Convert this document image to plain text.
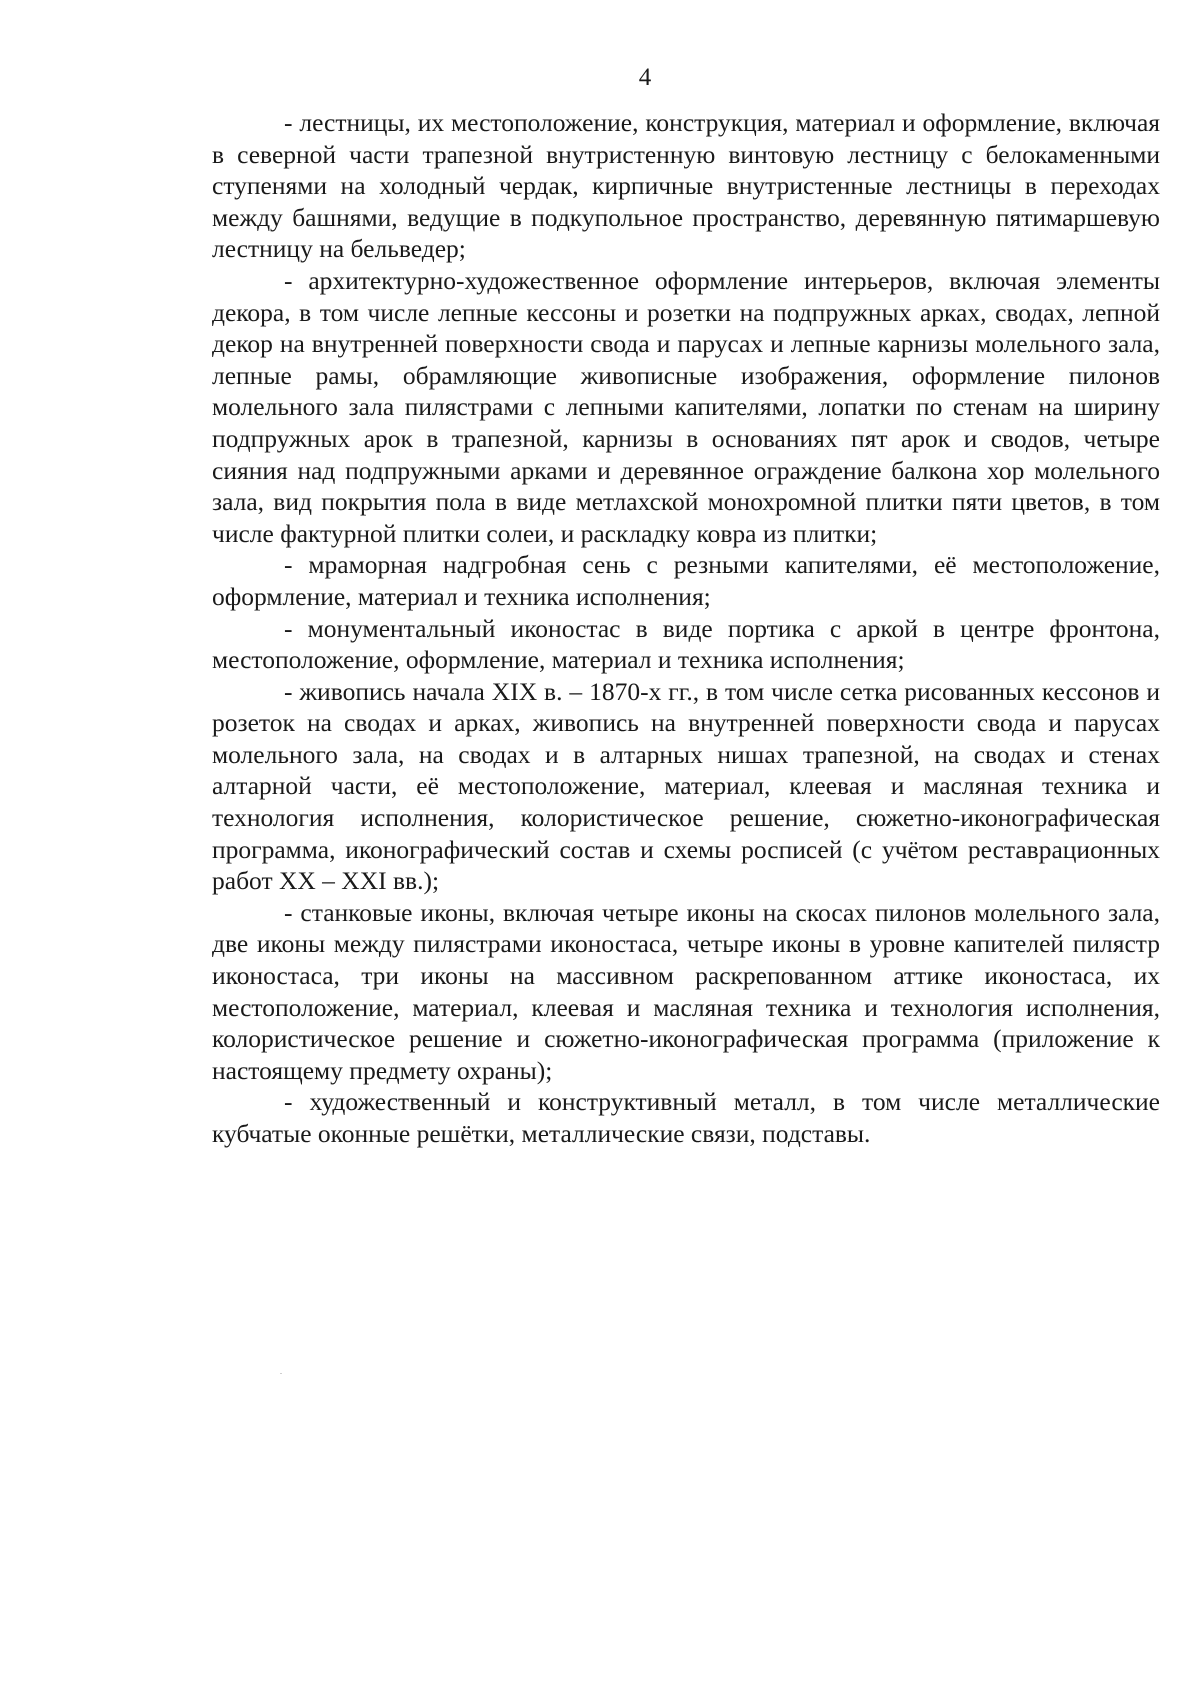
4

- лестницы, их местоположение, конструкция, материал и оформление, включая в северной части трапезной внутристенную винтовую лестницу с белокаменными ступенями на холодный чердак, кирпичные внутристенные лестницы в переходах между башнями, ведущие в подкупольное пространство, деревянную пятимаршевую лестницу на бельведер;

- архитектурно-художественное оформление интерьеров, включая элементы декора, в том числе лепные кессоны и розетки на подпружных арках, сводах, лепной декор на внутренней поверхности свода и парусах и лепные карнизы молельного зала, лепные рамы, обрамляющие живописные изображения, оформление пилонов молельного зала пилястрами с лепными капителями, лопатки по стенам на ширину подпружных арок в трапезной, карнизы в основаниях пят арок и сводов, четыре сияния над подпружными арками и деревянное ограждение балкона хор молельного зала, вид покрытия пола в виде метлахской монохромной плитки пяти цветов, в том числе фактурной плитки солеи, и раскладку ковра из плитки;

- мраморная надгробная сень с резными капителями, её местоположение, оформление, материал и техника исполнения;

- монументальный иконостас в виде портика с аркой в центре фронтона, местоположение, оформление, материал и техника исполнения;

- живопись начала XIX в. – 1870-х гг., в том числе сетка рисованных кессонов и розеток на сводах и арках, живопись на внутренней поверхности свода и парусах молельного зала, на сводах и в алтарных нишах трапезной, на сводах и стенах алтарной части, её местоположение, материал, клеевая и масляная техника и технология исполнения, колористическое решение, сюжетно-иконографическая программа, иконографический состав и схемы росписей (с учётом реставрационных работ XX – XXI вв.);

- станковые иконы, включая четыре иконы на скосах пилонов молельного зала, две иконы между пилястрами иконостаса, четыре иконы в уровне капителей пилястр иконостаса, три иконы на массивном раскрепованном аттике иконостаса, их местоположение, материал, клеевая и масляная техника и технология исполнения, колористическое решение и сюжетно-иконографическая программа (приложение к настоящему предмету охраны);

- художественный и конструктивный металл, в том числе металлические кубчатые оконные решётки, металлические связи, подставы.
